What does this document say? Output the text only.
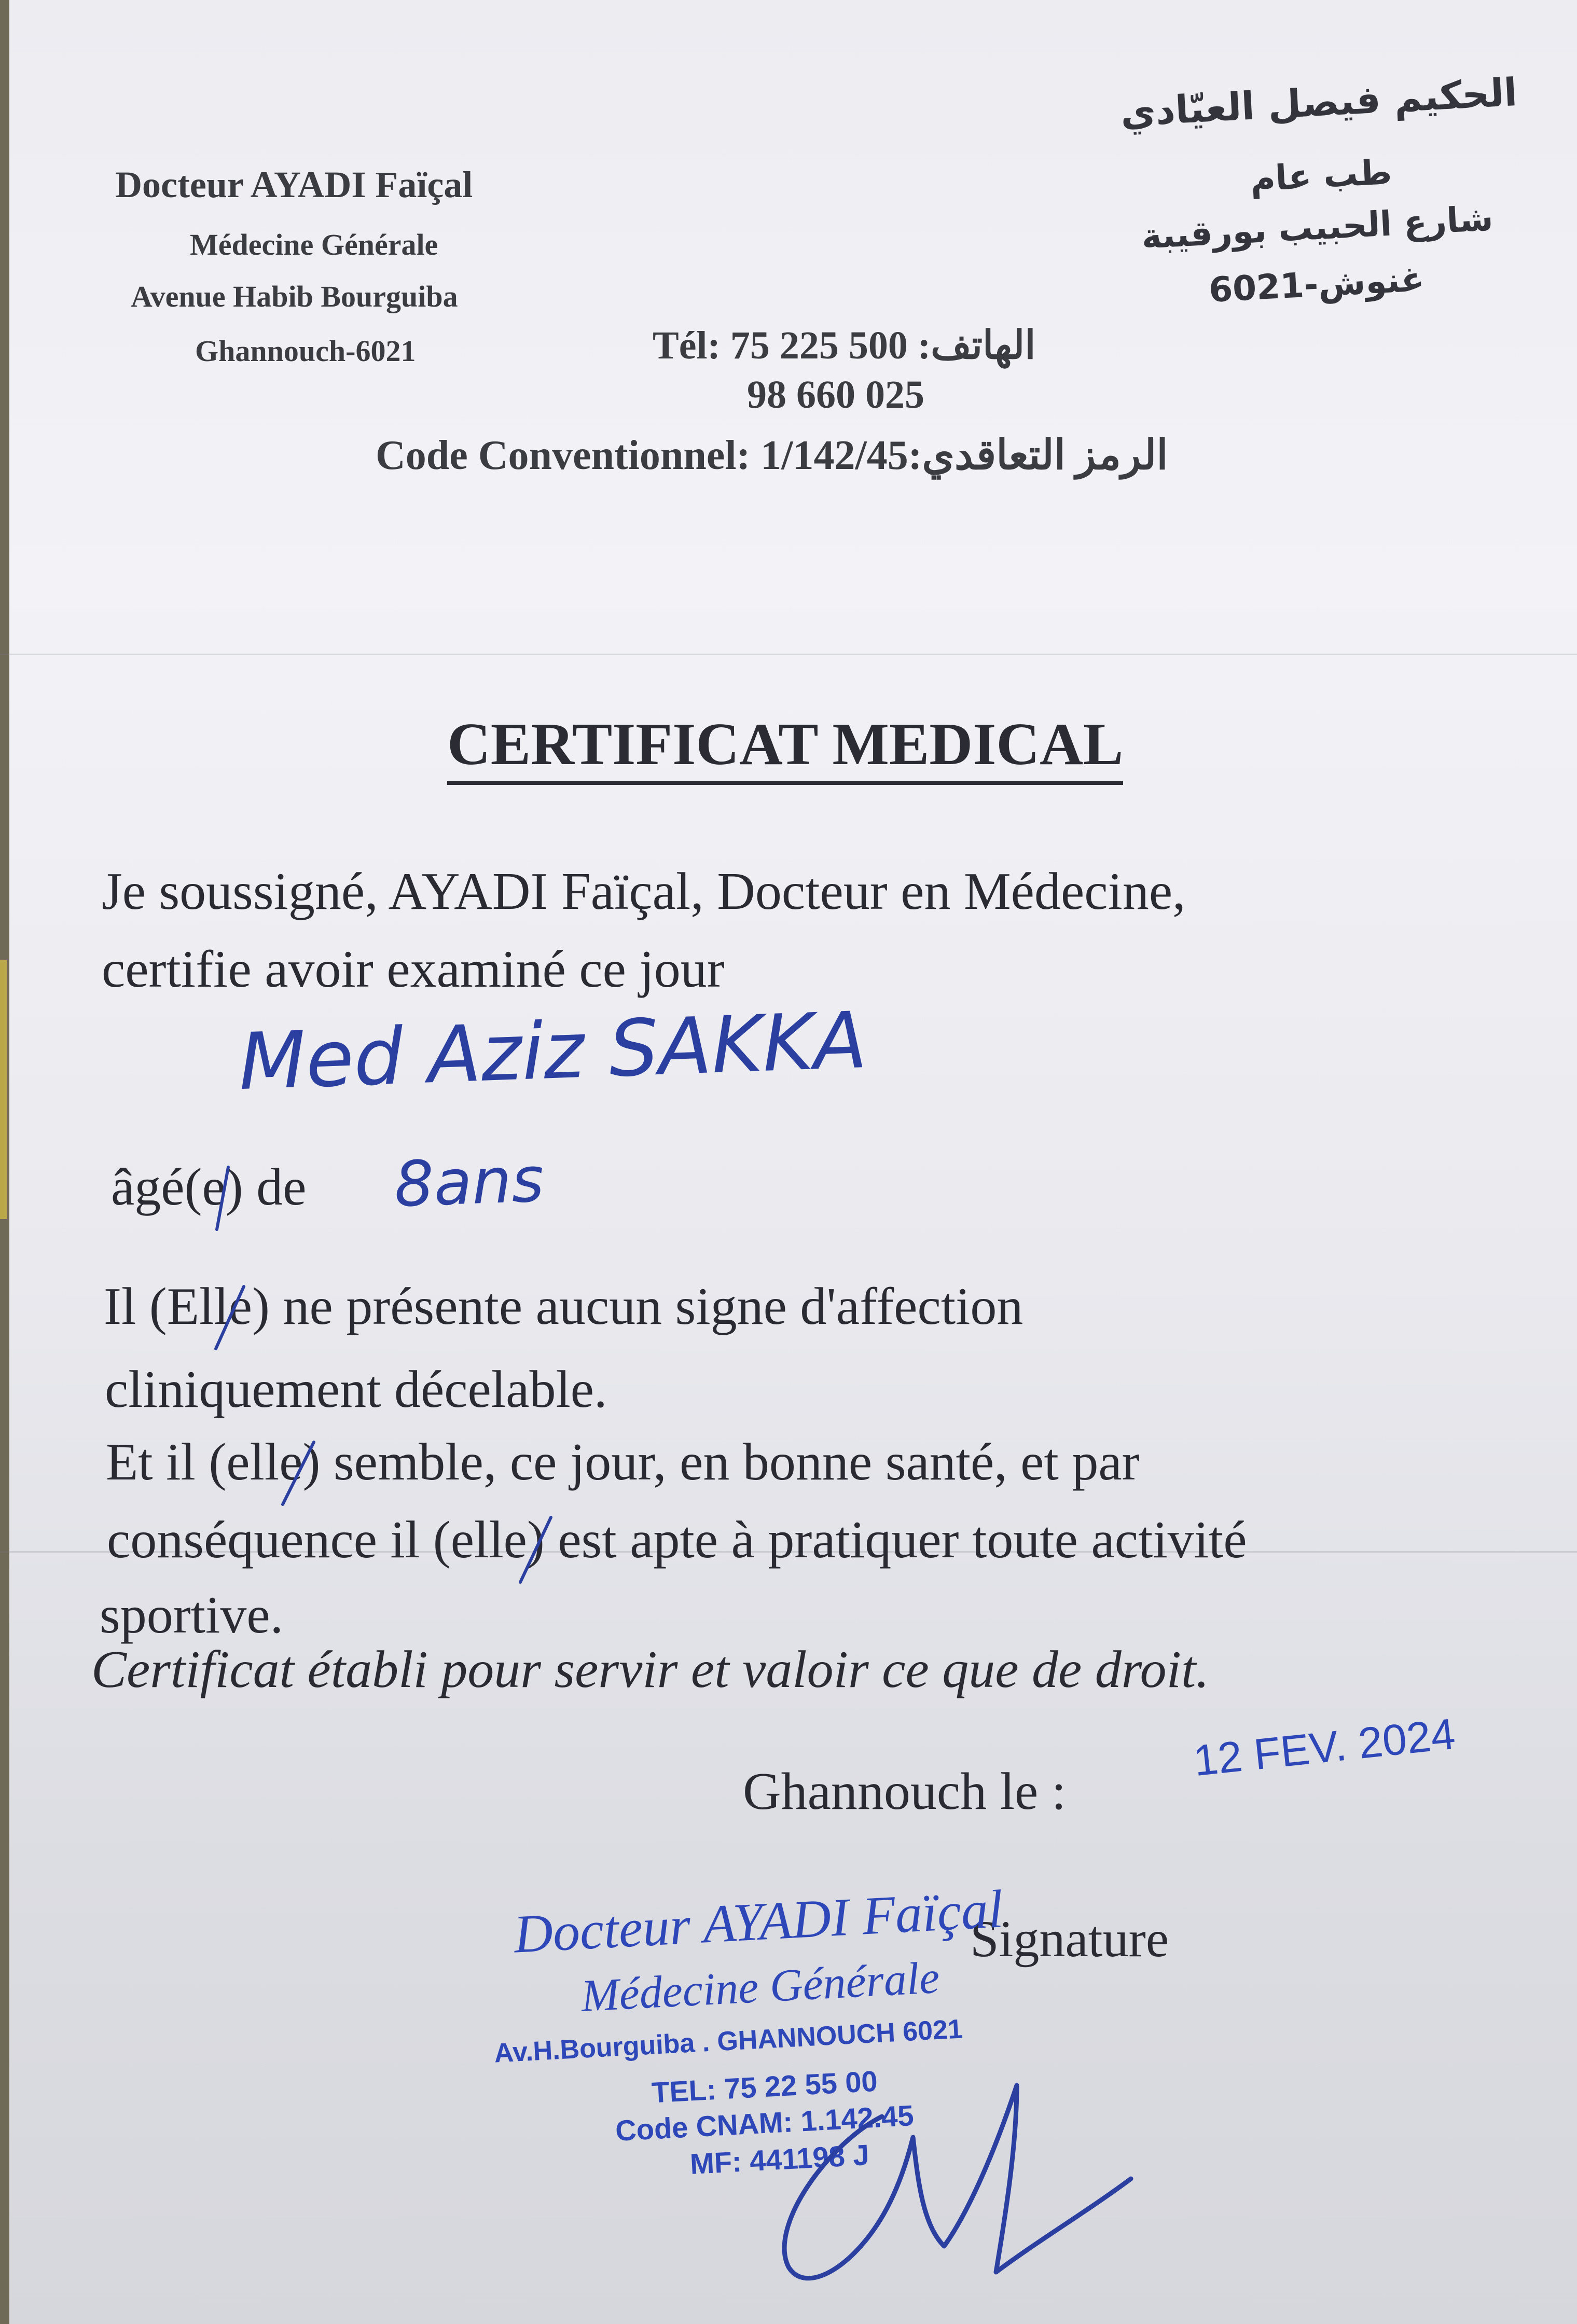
Docteur AYADI Faïçal
Médecine Générale
Avenue Habib Bourguiba
Ghannouch-6021	Tél: 75 225 500 :الهاتف
98 660 025
Code Conventionnel: 1/142/45:الرمز التعاقدي
الحكيم فيصل العيّادي
طب عام
شارع الحبيب بورقيبة
غنوش-6021
CERTIFICAT MEDICAL
Je soussigné, AYADI Faïçal, Docteur en Médecine,
certifie avoir examiné ce jour
Med Aziz SAKKA
âgé(e) de 8ans
Il (Elle) ne présente aucun signe d'affection
cliniquement décelable.
Et il (elle) semble, ce jour, en bonne santé, et par
conséquence il (elle) est apte à pratiquer toute activité
sportive.
Certificat établi pour servir et valoir ce que de droit.
Ghannouch le :
12 FEV. 2024
Signature
Docteur AYADI Faïçal
Médecine Générale
Av.H.Bourguiba . GHANNOUCH 6021
TEL: 75 22 55 00
Code CNAM: 1.142.45
MF: 441198 J
